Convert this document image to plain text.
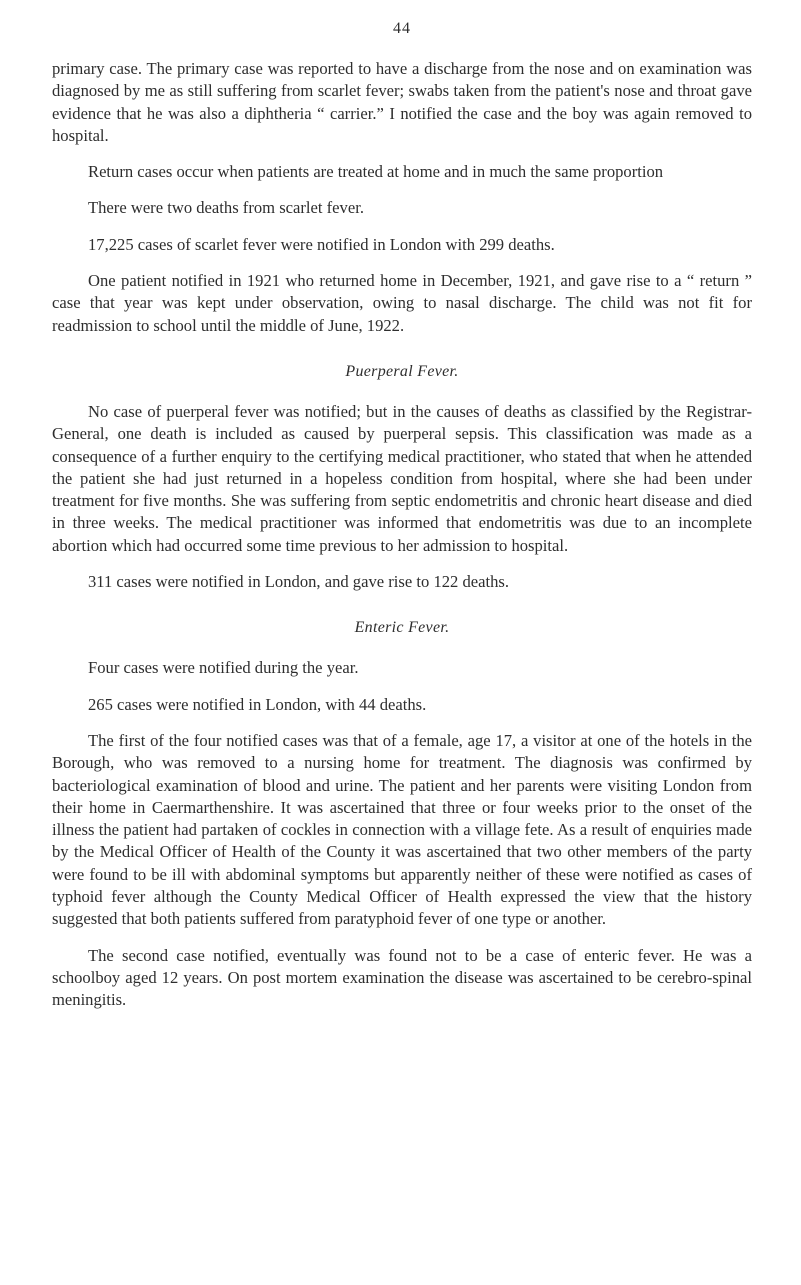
44

primary case. The primary case was reported to have a discharge from the nose and on examination was diagnosed by me as still suffering from scarlet fever; swabs taken from the patient's nose and throat gave evidence that he was also a diphtheria “ carrier.” I notified the case and the boy was again removed to hospital.

Return cases occur when patients are treated at home and in much the same proportion

There were two deaths from scarlet fever.

17,225 cases of scarlet fever were notified in London with 299 deaths.

One patient notified in 1921 who returned home in December, 1921, and gave rise to a “ return ” case that year was kept under observation, owing to nasal discharge. The child was not fit for readmission to school until the middle of June, 1922.

Puerperal Fever.

No case of puerperal fever was notified; but in the causes of deaths as classified by the Registrar-General, one death is included as caused by puerperal sepsis. This classification was made as a consequence of a further enquiry to the certifying medical practitioner, who stated that when he attended the patient she had just returned in a hopeless condition from hospital, where she had been under treatment for five months. She was suffering from septic endometritis and chronic heart disease and died in three weeks. The medical practitioner was informed that endometritis was due to an incomplete abortion which had occurred some time previous to her admission to hospital.

311 cases were notified in London, and gave rise to 122 deaths.

Enteric Fever.

Four cases were notified during the year.

265 cases were notified in London, with 44 deaths.

The first of the four notified cases was that of a female, age 17, a visitor at one of the hotels in the Borough, who was removed to a nursing home for treatment. The diagnosis was confirmed by bacteriological examination of blood and urine. The patient and her parents were visiting London from their home in Caermarthenshire. It was ascertained that three or four weeks prior to the onset of the illness the patient had partaken of cockles in connection with a village fete. As a result of enquiries made by the Medical Officer of Health of the County it was ascertained that two other members of the party were found to be ill with abdominal symptoms but apparently neither of these were notified as cases of typhoid fever although the County Medical Officer of Health expressed the view that the history suggested that both patients suffered from paratyphoid fever of one type or another.

The second case notified, eventually was found not to be a case of enteric fever. He was a schoolboy aged 12 years. On post mortem examination the disease was ascertained to be cerebro-spinal meningitis.
